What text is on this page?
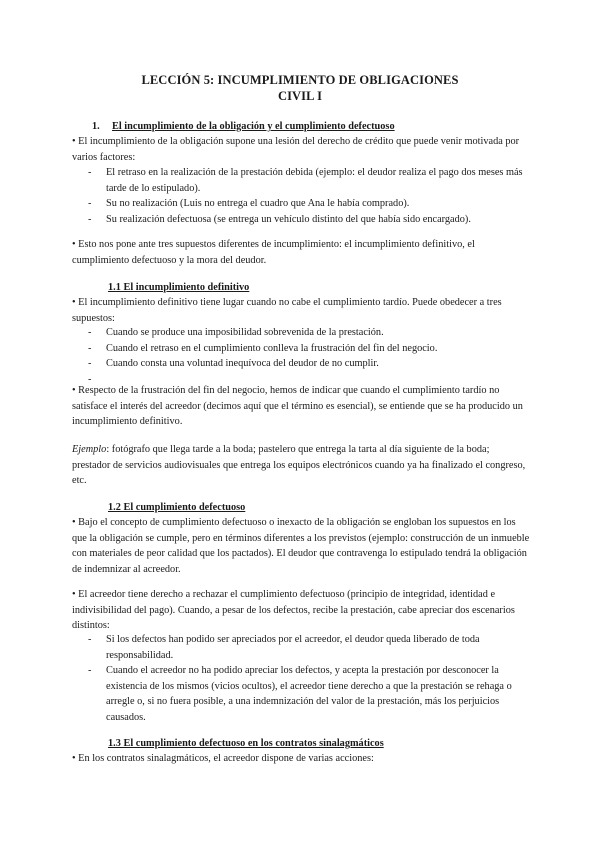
LECCIÓN 5: INCUMPLIMIENTO DE OBLIGACIONES
CIVIL I
1. El incumplimiento de la obligación y el cumplimiento defectuoso

• El incumplimiento de la obligación supone una lesión del derecho de crédito que puede venir motivada por varios factores:

- El retraso en la realización de la prestación debida (ejemplo: el deudor realiza el pago dos meses más tarde de lo estipulado).
- Su no realización (Luis no entrega el cuadro que Ana le había comprado).
- Su realización defectuosa (se entrega un vehículo distinto del que había sido encargado).

• Esto nos pone ante tres supuestos diferentes de incumplimiento: el incumplimiento definitivo, el cumplimiento defectuoso y la mora del deudor.

1.1 El incumplimiento definitivo

• El incumplimiento definitivo tiene lugar cuando no cabe el cumplimiento tardío. Puede obedecer a tres supuestos:

- Cuando se produce una imposibilidad sobrevenida de la prestación.
- Cuando el retraso en el cumplimiento conlleva la frustración del fin del negocio.
- Cuando consta una voluntad inequívoca del deudor de no cumplir.
-

• Respecto de la frustración del fin del negocio, hemos de indicar que cuando el cumplimiento tardío no satisface el interés del acreedor (decimos aquí que el término es esencial), se entiende que se ha producido un incumplimiento definitivo.

Ejemplo: fotógrafo que llega tarde a la boda; pastelero que entrega la tarta al día siguiente de la boda; prestador de servicios audiovisuales que entrega los equipos electrónicos cuando ya ha finalizado el congreso, etc.

1.2 El cumplimiento defectuoso

• Bajo el concepto de cumplimiento defectuoso o inexacto de la obligación se engloban los supuestos en los que la obligación se cumple, pero en términos diferentes a los previstos (ejemplo: construcción de un inmueble con materiales de peor calidad que los pactados). El deudor que contravenga lo estipulado tendrá la obligación de indemnizar al acreedor.

• El acreedor tiene derecho a rechazar el cumplimiento defectuoso (principio de integridad, identidad e indivisibilidad del pago). Cuando, a pesar de los defectos, recibe la prestación, cabe apreciar dos escenarios distintos:

- Si los defectos han podido ser apreciados por el acreedor, el deudor queda liberado de toda responsabilidad.
- Cuando el acreedor no ha podido apreciar los defectos, y acepta la prestación por desconocer la existencia de los mismos (vicios ocultos), el acreedor tiene derecho a que la prestación se rehaga o arregle o, si no fuera posible, a una indemnización del valor de la prestación, más los perjuicios causados.
1.3 El cumplimiento defectuoso en los contratos sinalagmáticos

• En los contratos sinalagmáticos, el acreedor dispone de varias acciones:
